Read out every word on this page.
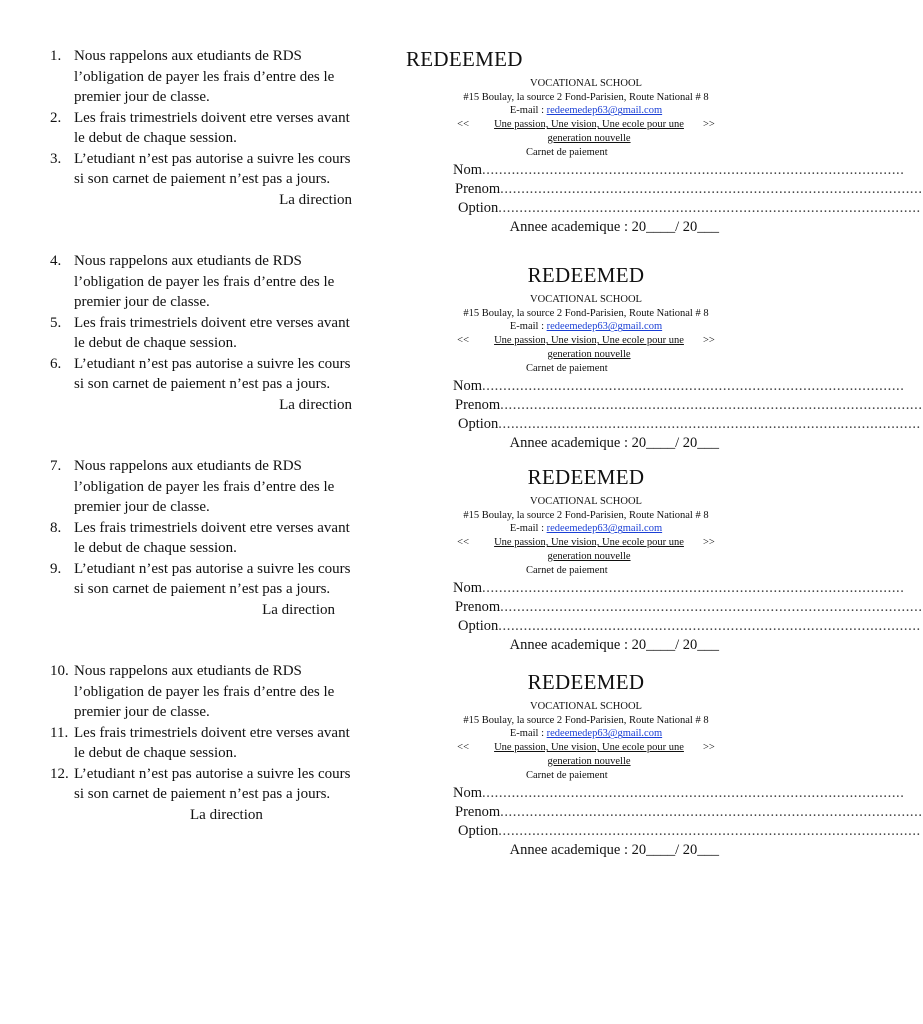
1. Nous rappelons aux etudiants de RDS l’obligation de payer les frais d’entre des le premier jour de classe.
2. Les frais trimestriels doivent etre verses avant le debut de chaque session.
3. L’etudiant n’est pas autorise a suivre les cours si son carnet de paiement n’est pas a jours.
La direction
4. Nous rappelons aux etudiants de RDS l’obligation de payer les frais d’entre des le premier jour de classe.
5. Les frais trimestriels doivent etre verses avant le debut de chaque session.
6. L’etudiant n’est pas autorise a suivre les cours si son carnet de paiement n’est pas a jours.
La direction
7. Nous rappelons aux etudiants de RDS l’obligation de payer les frais d’entre des le premier jour de classe.
8. Les frais trimestriels doivent etre verses avant le debut de chaque session.
9. L’etudiant n’est pas autorise a suivre les cours si son carnet de paiement n’est pas a jours.
La direction
10. Nous rappelons aux etudiants de RDS l’obligation de payer les frais d’entre des le premier jour de classe.
11. Les frais trimestriels doivent etre verses avant le debut de chaque session.
12. L’etudiant n’est pas autorise a suivre les cours si son carnet de paiement n’est pas a jours.
La direction
REDEEMED
VOCATIONAL SCHOOL
#15 Boulay, la source 2 Fond-Parisien, Route National # 8
E-mail : redeemedep63@gmail.com
<<	Une passion, Une vision, Une ecole pour une generation nouvelle
>>
Carnet de paiement
Nom ....................................................................................................
Prenom ....................................................................................................
Option ....................................................................................................
Annee academique : 20____/ 20___
REDEEMED
VOCATIONAL SCHOOL
#15 Boulay, la source 2 Fond-Parisien, Route National # 8
E-mail : redeemedep63@gmail.com
<<	Une passion, Une vision, Une ecole pour une generation nouvelle
>>
Carnet de paiement
Nom ....................................................................................................
Prenom ....................................................................................................
Option ....................................................................................................
Annee academique : 20____/ 20___
REDEEMED
VOCATIONAL SCHOOL
#15 Boulay, la source 2 Fond-Parisien, Route National # 8
E-mail : redeemedep63@gmail.com
<<	Une passion, Une vision, Une ecole pour une generation nouvelle
>>
Carnet de paiement
Nom ....................................................................................................
Prenom ....................................................................................................
Option ....................................................................................................
Annee academique : 20____/ 20___
REDEEMED
VOCATIONAL SCHOOL
#15 Boulay, la source 2 Fond-Parisien, Route National # 8
E-mail : redeemedep63@gmail.com
<<	Une passion, Une vision, Une ecole pour une generation nouvelle
>>
Carnet de paiement
Nom ....................................................................................................
Prenom ....................................................................................................
Option ....................................................................................................
Annee academique : 20____/ 20___
